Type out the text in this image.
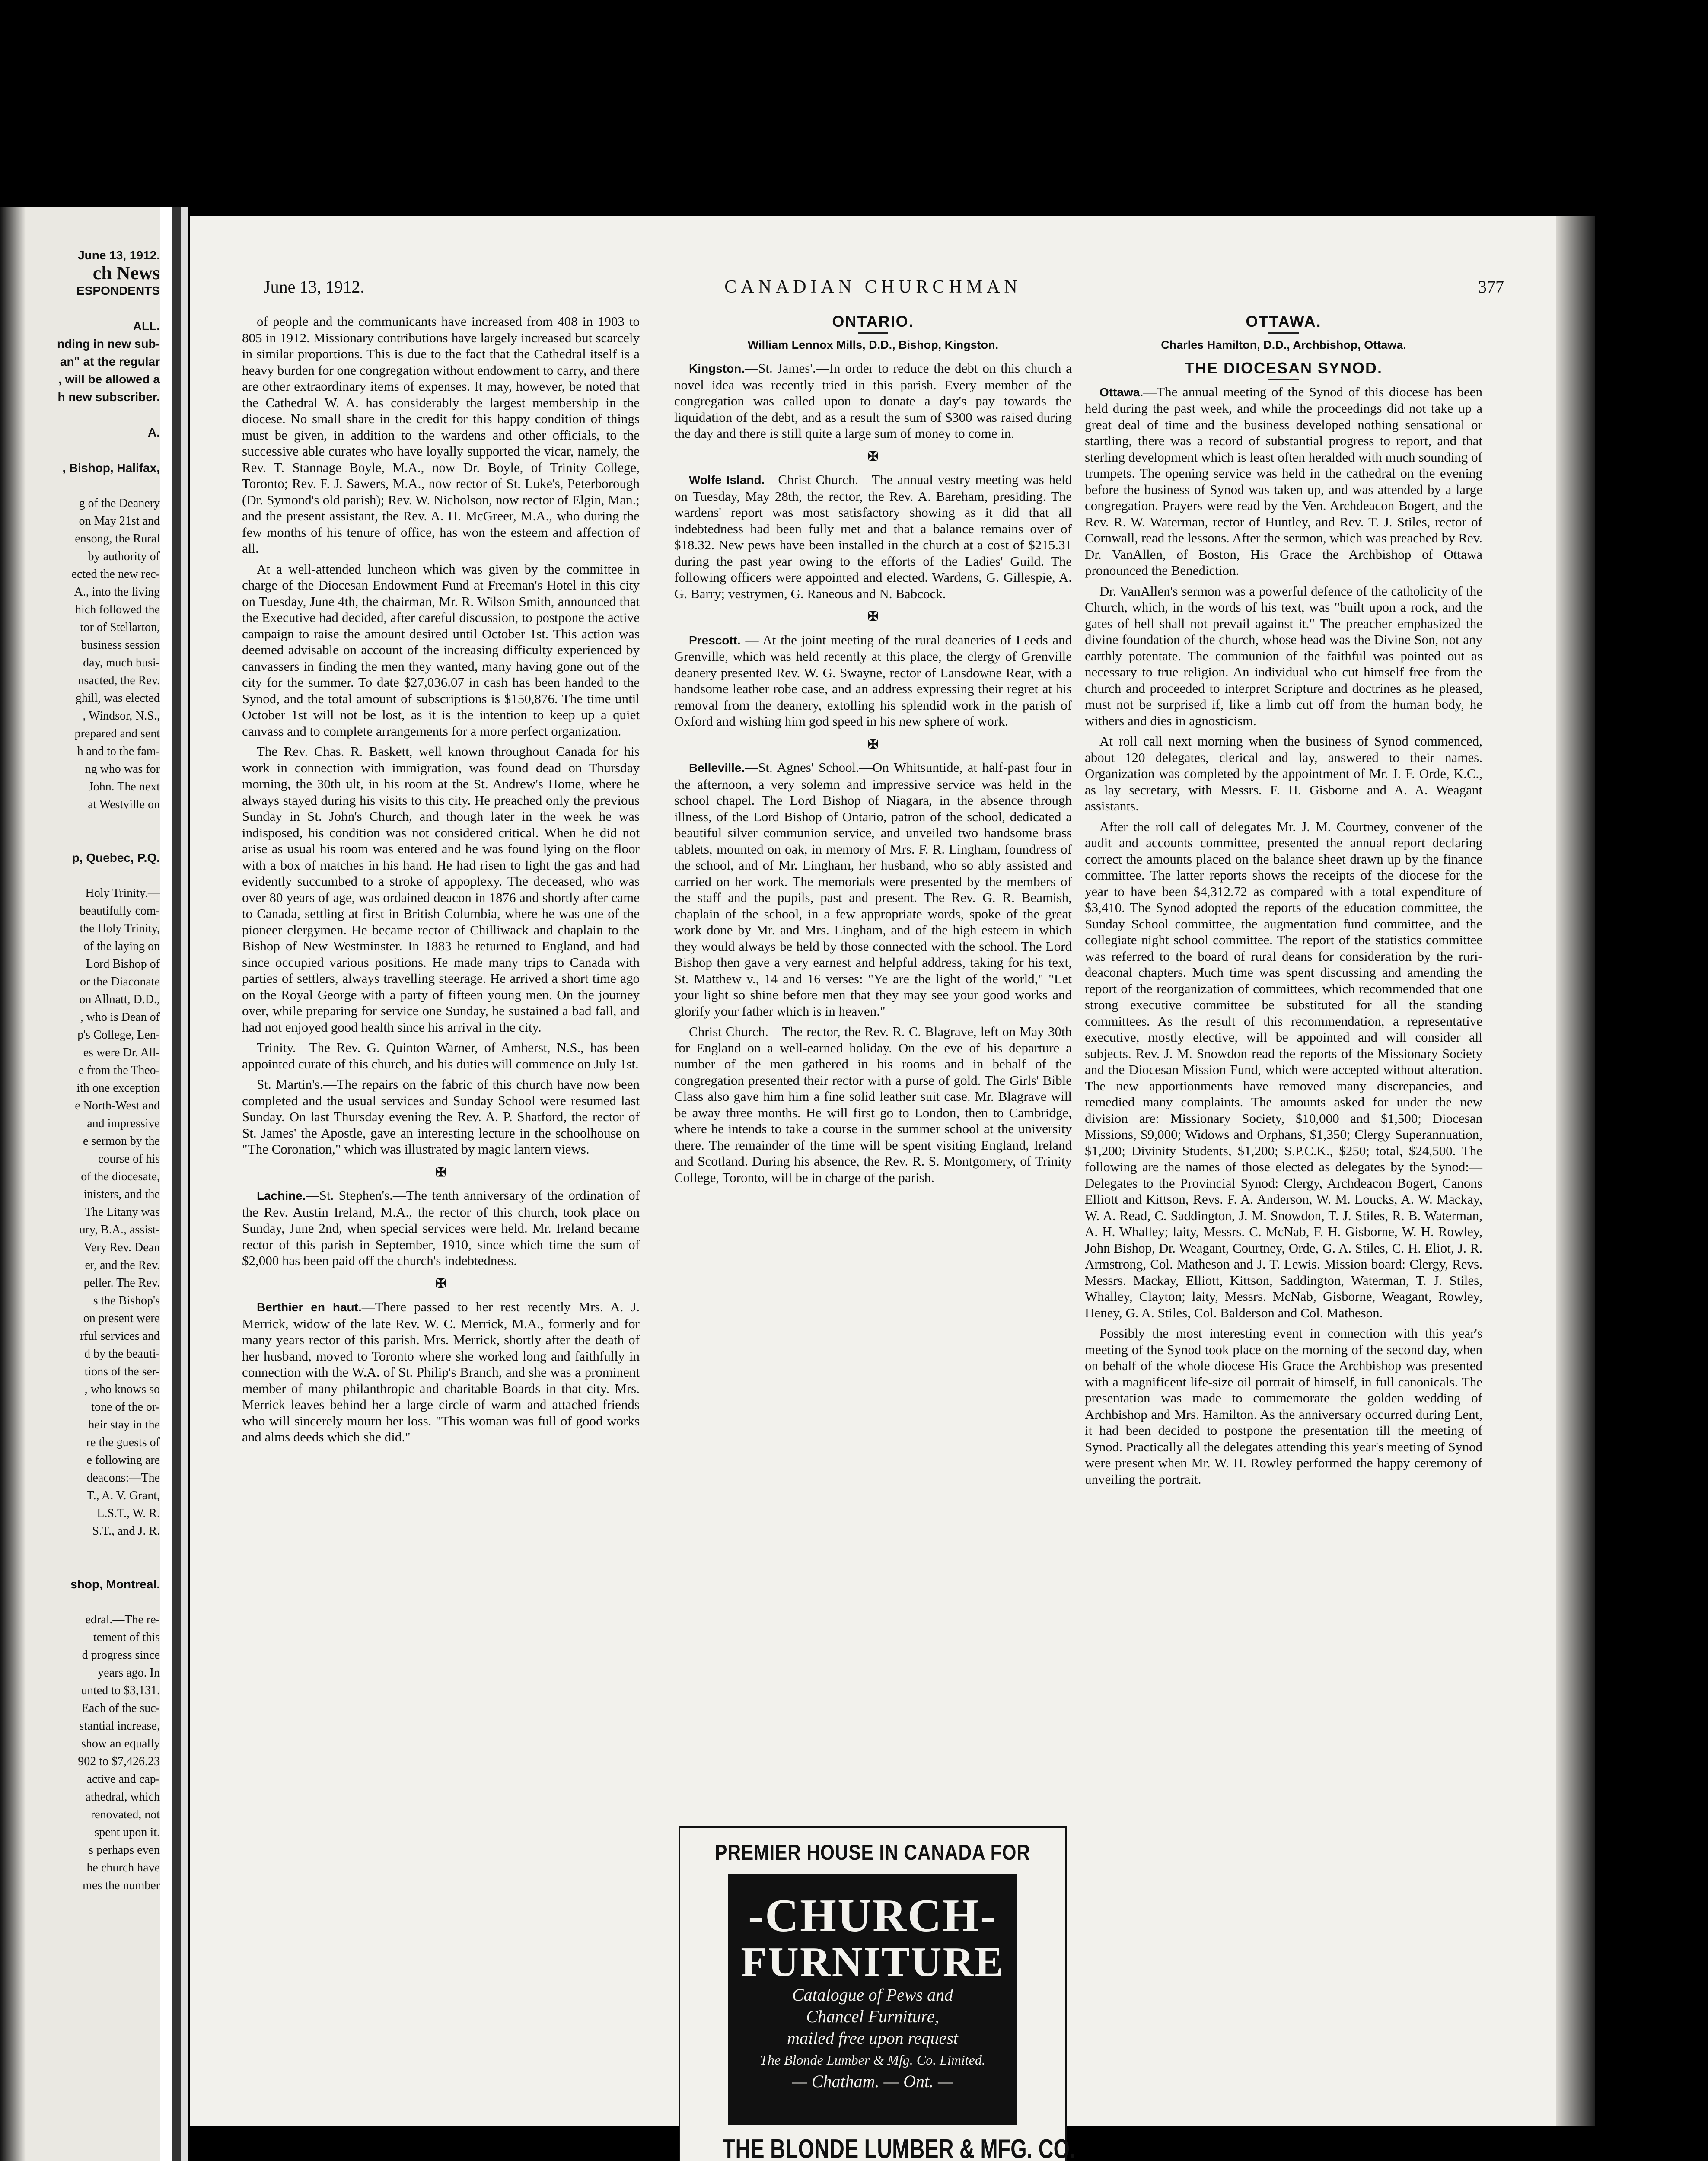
June 13, 1912.
ch News
ESPONDENTS

ALL.
nding in new sub-
an" at the regular
, will be allowed a
h new subscriber.

A.

, Bishop, Halifax,

g of the Deanery
on May 21st and
ensong, the Rural
by authority of
ected the new rec-
A., into the living
hich followed the
tor of Stellarton,
business session
day, much busi-
nsacted, the Rev.
ghill, was elected
, Windsor, N.S.,
prepared and sent
h and to the fam-
ng who was for
John. The next
at Westville on

p, Quebec, P.Q.

Holy Trinity.—
beautifully com-
the Holy Trinity,
of the laying on
Lord Bishop of
or the Diaconate
on Allnatt, D.D.,
, who is Dean of
p's College, Len-
es were Dr. All-
e from the Theo-
ith one exception
e North-West and
and impressive
e sermon by the
course of his
of the diocesate,
inisters, and the
The Litany was
ury, B.A., assist-
Very Rev. Dean
er, and the Rev.
peller. The Rev.
s the Bishop's
on present were
rful services and
d by the beauti-
tions of the ser-
, who knows so
tone of the or-
heir stay in the
re the guests of
e following are
deacons:—The
T., A. V. Grant,
L.S.T., W. R.
S.T., and J. R.

shop, Montreal.

edral.—The re-
tement of this
d progress since
years ago. In
unted to $3,131.
Each of the suc-
stantial increase,
show an equally
902 to $7,426.23
active and cap-
athedral, which
renovated, not
spent upon it.
s perhaps even
he church have
mes the number
June 13, 1912.	CANADIAN CHURCHMAN	377

of people and the communicants have increased from 408 in 1903 to 805 in 1912. Missionary contributions have largely increased but scarcely in similar proportions. This is due to the fact that the Cathedral itself is a heavy burden for one congregation without endowment to carry, and there are other extraordinary items of expenses. It may, however, be noted that the Cathedral W. A. has considerably the largest membership in the diocese. No small share in the credit for this happy condition of things must be given, in addition to the wardens and other officials, to the successive able curates who have loyally supported the vicar, namely, the Rev. T. Stannage Boyle, M.A., now Dr. Boyle, of Trinity College, Toronto; Rev. F. J. Sawers, M.A., now rector of St. Luke's, Peterborough (Dr. Symond's old parish); Rev. W. Nicholson, now rector of Elgin, Man.; and the present assistant, the Rev. A. H. McGreer, M.A., who during the few months of his tenure of office, has won the esteem and affection of all.

At a well-attended luncheon which was given by the committee in charge of the Diocesan Endowment Fund at Freeman's Hotel in this city on Tuesday, June 4th, the chairman, Mr. R. Wilson Smith, announced that the Executive had decided, after careful discussion, to postpone the active campaign to raise the amount desired until October 1st. This action was deemed advisable on account of the increasing difficulty experienced by canvassers in finding the men they wanted, many having gone out of the city for the summer. To date $27,036.07 in cash has been handed to the Synod, and the total amount of subscriptions is $150,876. The time until October 1st will not be lost, as it is the intention to keep up a quiet canvass and to complete arrangements for a more perfect organization.

The Rev. Chas. R. Baskett, well known throughout Canada for his work in connection with immigration, was found dead on Thursday morning, the 30th ult, in his room at the St. Andrew's Home, where he always stayed during his visits to this city. He preached only the previous Sunday in St. John's Church, and though later in the week he was indisposed, his condition was not considered critical. When he did not arise as usual his room was entered and he was found lying on the floor with a box of matches in his hand. He had risen to light the gas and had evidently succumbed to a stroke of appoplexy. The deceased, who was over 80 years of age, was ordained deacon in 1876 and shortly after came to Canada, settling at first in British Columbia, where he was one of the pioneer clergymen. He became rector of Chilliwack and chaplain to the Bishop of New Westminster. In 1883 he returned to England, and had since occupied various positions. He made many trips to Canada with parties of settlers, always travelling steerage. He arrived a short time ago on the Royal George with a party of fifteen young men. On the journey over, while preparing for service one Sunday, he sustained a bad fall, and had not enjoyed good health since his arrival in the city.

Trinity.—The Rev. G. Quinton Warner, of Amherst, N.S., has been appointed curate of this church, and his duties will commence on July 1st.

St. Martin's.—The repairs on the fabric of this church have now been completed and the usual services and Sunday School were resumed last Sunday. On last Thursday evening the Rev. A. P. Shatford, the rector of St. James' the Apostle, gave an interesting lecture in the schoolhouse on "The Coronation," which was illustrated by magic lantern views.

✠

Lachine.—St. Stephen's.—The tenth anniversary of the ordination of the Rev. Austin Ireland, M.A., the rector of this church, took place on Sunday, June 2nd, when special services were held. Mr. Ireland became rector of this parish in September, 1910, since which time the sum of $2,000 has been paid off the church's indebtedness.

✠

Berthier en haut.—There passed to her rest recently Mrs. A. J. Merrick, widow of the late Rev. W. C. Merrick, M.A., formerly and for many years rector of this parish. Mrs. Merrick, shortly after the death of her husband, moved to Toronto where she worked long and faithfully in connection with the W.A. of St. Philip's Branch, and she was a prominent member of many philanthropic and charitable Boards in that city. Mrs. Merrick leaves behind her a large circle of warm and attached friends who will sincerely mourn her loss. "This woman was full of good works and alms deeds which she did."

ONTARIO.
William Lennox Mills, D.D., Bishop, Kingston.

Kingston.—St. James'.—In order to reduce the debt on this church a novel idea was recently tried in this parish. Every member of the congregation was called upon to donate a day's pay towards the liquidation of the debt, and as a result the sum of $300 was raised during the day and there is still quite a large sum of money to come in.

✠

Wolfe Island.—Christ Church.—The annual vestry meeting was held on Tuesday, May 28th, the rector, the Rev. A. Bareham, presiding. The wardens' report was most satisfactory showing as it did that all indebtedness had been fully met and that a balance remains over of $18.32. New pews have been installed in the church at a cost of $215.31 during the past year owing to the efforts of the Ladies' Guild. The following officers were appointed and elected. Wardens, G. Gillespie, A. G. Barry; vestrymen, G. Raneous and N. Babcock.

✠

Prescott. — At the joint meeting of the rural deaneries of Leeds and Grenville, which was held recently at this place, the clergy of Grenville deanery presented Rev. W. G. Swayne, rector of Lansdowne Rear, with a handsome leather robe case, and an address expressing their regret at his removal from the deanery, extolling his splendid work in the parish of Oxford and wishing him god speed in his new sphere of work.

✠

Belleville.—St. Agnes' School.—On Whitsuntide, at half-past four in the afternoon, a very solemn and impressive service was held in the school chapel. The Lord Bishop of Niagara, in the absence through illness, of the Lord Bishop of Ontario, patron of the school, dedicated a beautiful silver communion service, and unveiled two handsome brass tablets, mounted on oak, in memory of Mrs. F. R. Lingham, foundress of the school, and of Mr. Lingham, her husband, who so ably assisted and carried on her work. The memorials were presented by the members of the staff and the pupils, past and present. The Rev. G. R. Beamish, chaplain of the school, in a few appropriate words, spoke of the great work done by Mr. and Mrs. Lingham, and of the high esteem in which they would always be held by those connected with the school. The Lord Bishop then gave a very earnest and helpful address, taking for his text, St. Matthew v., 14 and 16 verses: "Ye are the light of the world," "Let your light so shine before men that they may see your good works and glorify your father which is in heaven."

Christ Church.—The rector, the Rev. R. C. Blagrave, left on May 30th for England on a well-earned holiday. On the eve of his departure a number of the men gathered in his rooms and in behalf of the congregation presented their rector with a purse of gold. The Girls' Bible Class also gave him him a fine solid leather suit case. Mr. Blagrave will be away three months. He will first go to London, then to Cambridge, where he intends to take a course in the summer school at the university there. The remainder of the time will be spent visiting England, Ireland and Scotland. During his absence, the Rev. R. S. Montgomery, of Trinity College, Toronto, will be in charge of the parish.

OTTAWA.
Charles Hamilton, D.D., Archbishop, Ottawa.
THE DIOCESAN SYNOD.

Ottawa.—The annual meeting of the Synod of this diocese has been held during the past week, and while the proceedings did not take up a great deal of time and the business developed nothing sensational or startling, there was a record of substantial progress to report, and that sterling development which is least often heralded with much sounding of trumpets. The opening service was held in the cathedral on the evening before the business of Synod was taken up, and was attended by a large congregation. Prayers were read by the Ven. Archdeacon Bogert, and the Rev. R. W. Waterman, rector of Huntley, and Rev. T. J. Stiles, rector of Cornwall, read the lessons. After the sermon, which was preached by Rev. Dr. VanAllen, of Boston, His Grace the Archbishop of Ottawa pronounced the Benediction.

Dr. VanAllen's sermon was a powerful defence of the catholicity of the Church, which, in the words of his text, was "built upon a rock, and the gates of hell shall not prevail against it." The preacher emphasized the divine foundation of the church, whose head was the Divine Son, not any earthly potentate. The communion of the faithful was pointed out as necessary to true religion. An individual who cut himself free from the church and proceeded to interpret Scripture and doctrines as he pleased, must not be surprised if, like a limb cut off from the human body, he withers and dies in agnosticism.

At roll call next morning when the business of Synod commenced, about 120 delegates, clerical and lay, answered to their names. Organization was completed by the appointment of Mr. J. F. Orde, K.C., as lay secretary, with Messrs. F. H. Gisborne and A. A. Weagant assistants.

After the roll call of delegates Mr. J. M. Courtney, convener of the audit and accounts committee, presented the annual report declaring correct the amounts placed on the balance sheet drawn up by the finance committee. The latter reports shows the receipts of the diocese for the year to have been $4,312.72 as compared with a total expenditure of $3,410. The Synod adopted the reports of the education committee, the Sunday School committee, the augmentation fund committee, and the collegiate night school committee. The report of the statistics committee was referred to the board of rural deans for consideration by the ruri-deaconal chapters. Much time was spent discussing and amending the report of the reorganization of committees, which recommended that one strong executive committee be substituted for all the standing committees. As the result of this recommendation, a representative executive, mostly elective, will be appointed and will consider all subjects. Rev. J. M. Snowdon read the reports of the Missionary Society and the Diocesan Mission Fund, which were accepted without alteration. The new apportionments have removed many discrepancies, and remedied many complaints. The amounts asked for under the new division are: Missionary Society, $10,000 and $1,500; Diocesan Missions, $9,000; Widows and Orphans, $1,350; Clergy Superannuation, $1,200; Divinity Students, $1,200; S.P.C.K., $250; total, $24,500. The following are the names of those elected as delegates by the Synod:—Delegates to the Provincial Synod: Clergy, Archdeacon Bogert, Canons Elliott and Kittson, Revs. F. A. Anderson, W. M. Loucks, A. W. Mackay, W. A. Read, C. Saddington, J. M. Snowdon, T. J. Stiles, R. B. Waterman, A. H. Whalley; laity, Messrs. C. McNab, F. H. Gisborne, W. H. Rowley, John Bishop, Dr. Weagant, Courtney, Orde, G. A. Stiles, C. H. Eliot, J. R. Armstrong, Col. Matheson and J. T. Lewis. Mission board: Clergy, Revs. Messrs. Mackay, Elliott, Kittson, Saddington, Waterman, T. J. Stiles, Whalley, Clayton; laity, Messrs. McNab, Gisborne, Weagant, Rowley, Heney, G. A. Stiles, Col. Balderson and Col. Matheson.

Possibly the most interesting event in connection with this year's meeting of the Synod took place on the morning of the second day, when on behalf of the whole diocese His Grace the Archbishop was presented with a magnificent life-size oil portrait of himself, in full canonicals. The presentation was made to commemorate the golden wedding of Archbishop and Mrs. Hamilton. As the anniversary occurred during Lent, it had been decided to postpone the presentation till the meeting of Synod. Practically all the delegates attending this year's meeting of Synod were present when Mr. W. H. Rowley performed the happy ceremony of unveiling the portrait.

PREMIER HOUSE IN CANADA FOR
-CHURCH-
FURNITURE
Catalogue of Pews and
Chancel Furniture,
mailed free upon request
The Blonde Lumber & Mfg. Co. Limited.
— Chatham. — Ont. —
THE BLONDE LUMBER & MFG. CO.
